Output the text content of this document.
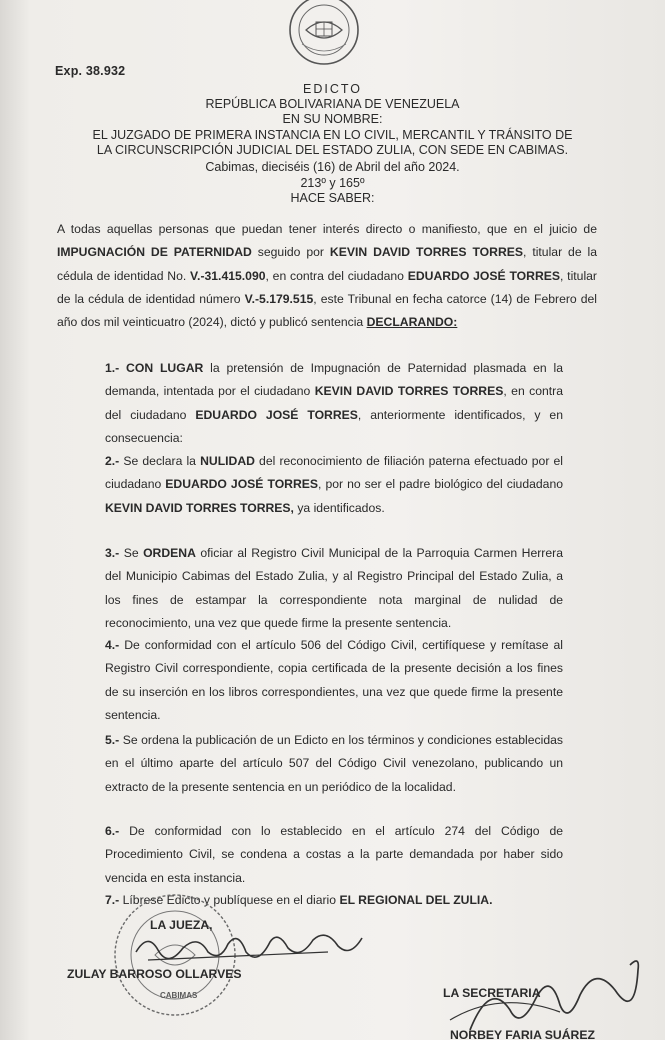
Exp. 38.932
EDICTO
REPÚBLICA BOLIVARIANA DE VENEZUELA
EN SU NOMBRE:
EL JUZGADO DE PRIMERA INSTANCIA EN LO CIVIL, MERCANTIL Y TRÁNSITO DE
LA CIRCUNSCRIPCIÓN JUDICIAL DEL ESTADO ZULIA, CON SEDE EN CABIMAS.
Cabimas, dieciséis (16) de Abril del año 2024.
213º y 165º
HACE SABER:
A todas aquellas personas que puedan tener interés directo o manifiesto, que en el juicio de IMPUGNACIÓN DE PATERNIDAD seguido por KEVIN DAVID TORRES TORRES, titular de la cédula de identidad No. V.-31.415.090, en contra del ciudadano EDUARDO JOSÉ TORRES, titular de la cédula de identidad número V.-5.179.515, este Tribunal en fecha catorce (14) de Febrero del año dos mil veinticuatro (2024), dictó y publicó sentencia DECLARANDO:
1.- CON LUGAR la pretensión de Impugnación de Paternidad plasmada en la demanda, intentada por el ciudadano KEVIN DAVID TORRES TORRES, en contra del ciudadano EDUARDO JOSÉ TORRES, anteriormente identificados, y en consecuencia:
2.- Se declara la NULIDAD del reconocimiento de filiación paterna efectuado por el ciudadano EDUARDO JOSÉ TORRES, por no ser el padre biológico del ciudadano KEVIN DAVID TORRES TORRES, ya identificados.
3.- Se ORDENA oficiar al Registro Civil Municipal de la Parroquia Carmen Herrera del Municipio Cabimas del Estado Zulia, y al Registro Principal del Estado Zulia, a los fines de estampar la correspondiente nota marginal de nulidad de reconocimiento, una vez que quede firme la presente sentencia.
4.- De conformidad con el artículo 506 del Código Civil, certifíquese y remítase al Registro Civil correspondiente, copia certificada de la presente decisión a los fines de su inserción en los libros correspondientes, una vez que quede firme la presente sentencia.
5.- Se ordena la publicación de un Edicto en los términos y condiciones establecidas en el último aparte del artículo 507 del Código Civil venezolano, publicando un extracto de la presente sentencia en un periódico de la localidad.
6.- De conformidad con lo establecido en el artículo 274 del Código de Procedimiento Civil, se condena a costas a la parte demandada por haber sido vencida en esta instancia.
7.- Líbrese Edicto y publíquese en el diario EL REGIONAL DEL ZULIA.
CABIMAS
LA JUEZA,
ZULAY BARROSO OLLARVES
LA SECRETARIA
NORBEY FARIA SUÁREZ
